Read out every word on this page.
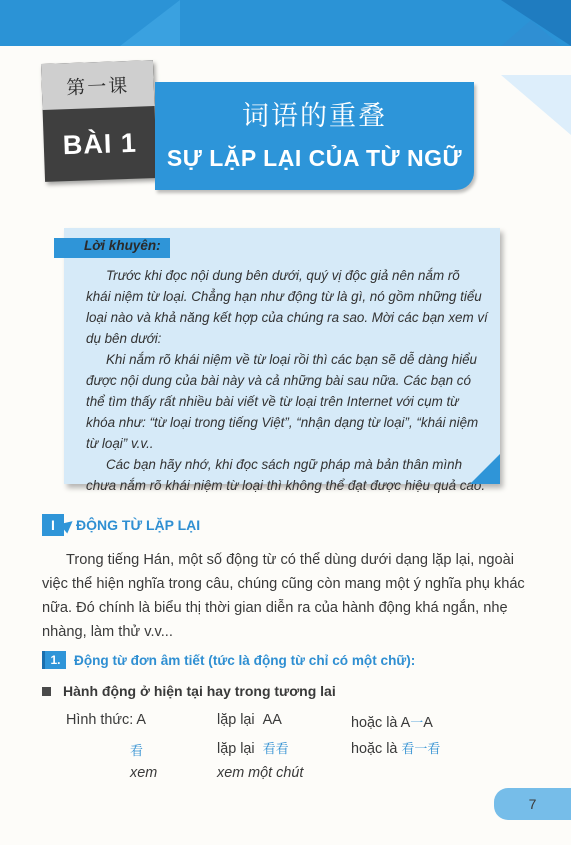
第一课
BÀI 1
词语的重叠
SỰ LẶP LẠI CỦA TỪ NGỮ
Lời khuyên:

Trước khi đọc nội dung bên dưới, quý vị độc giả nên nắm rõ khái niệm từ loại. Chẳng hạn như động từ là gì, nó gồm những tiểu loại nào và khả năng kết hợp của chúng ra sao. Mời các bạn xem ví dụ bên dưới:

Khi nắm rõ khái niệm về từ loại rồi thì các bạn sẽ dễ dàng hiểu được nội dung của bài này và cả những bài sau nữa. Các bạn có thể tìm thấy rất nhiều bài viết về từ loại trên Internet với cụm từ khóa như: “từ loại trong tiếng Việt”, “nhận dạng từ loại”, “khái niệm từ loại” v.v..

Các bạn hãy nhớ, khi đọc sách ngữ pháp mà bản thân mình chưa nắm rõ khái niệm từ loại thì không thể đạt được hiệu quả cao.

I	ĐỘNG TỪ LẶP LẠI
Trong tiếng Hán, một số động từ có thể dùng dưới dạng lặp lại, ngoài việc thể hiện nghĩa trong câu, chúng cũng còn mang một ý nghĩa phụ khác nữa. Đó chính là biểu thị thời gian diễn ra của hành động khá ngắn, nhẹ nhàng, làm thử v.v...
1. Động từ đơn âm tiết (tức là động từ chỉ có một chữ):
Hành động ở hiện tại hay trong tương lai
Hình thức: A	lặp lại AA	hoặc là A一A
看	lặp lại 看看	hoặc là 看一看
xem	xem một chút
7
